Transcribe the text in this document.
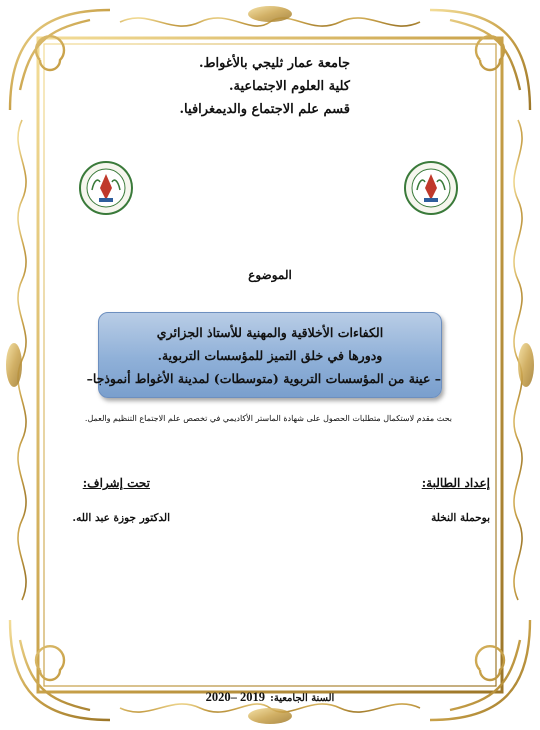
جامعة عمار ثليجي بالأغواط.
كلية العلوم الاجتماعية.
قسم علم الاجتماع والديمغرافيا.
الموضوع
الكفاءات الأخلاقية والمهنية للأستاذ الجزائري
ودورها في خلق التميز للمؤسسات التربوية.
– عينة من المؤسسات التربوية (متوسطات) لمدينة الأغواط أنموذجا–
بحث مقدم لاستكمال متطلبات الحصول على شهادة الماستر الأكاديمي في تخصص علم الاجتماع التنظيم والعمل.
إعداد الطالبة:
تحت إشراف:
بوحملة النخلة
الدكتور جوزة عبد الله.
السنة الجامعية: 2019 –2020
